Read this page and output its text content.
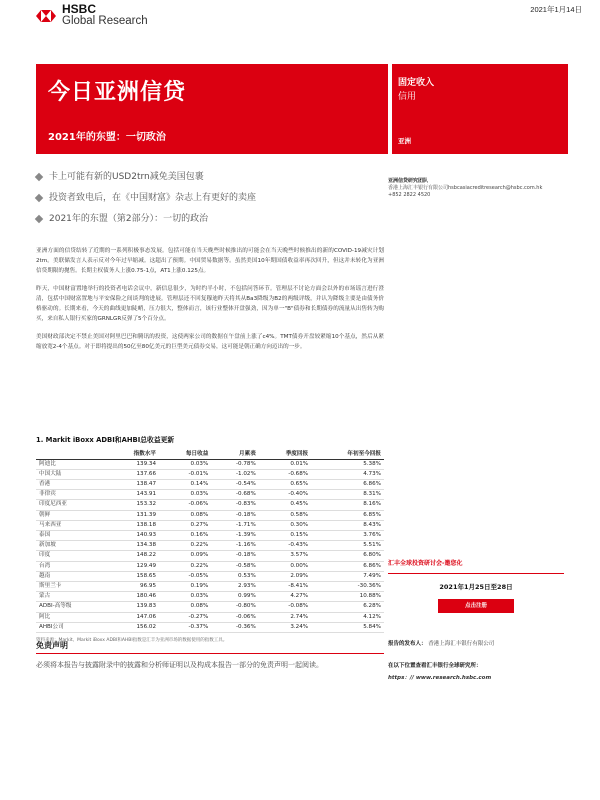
HSBC
Global Research
2021年1月14日
今日亚洲信贷
2021年的东盟：一切政治
固定收入
信用
亚洲
卡上可能有新的USD2trn减免美国包裹
投资者致电后，在《中国财富》杂志上有更好的卖座
2021年的东盟（第2部分）：一切的政治
亚洲信贷研究团队
香港上海汇丰银行有限公司hsbcasiacreditresearch@hsbc.com.hk
+852 2822 4520

亚洲方面的信贷结转了近期的一系列积极事态发展。包括可能在当天晚些时候推出的可能会在当天晚些时候推出的新的COVID-19减灾计划2tm。美联储发言人表示反对今年过早缩减。这超出了预期。中国贸易数据等。虽然美国10年期国债收益率再次回升，但这并未转化为亚洲信贷期限的拋售。长期主权债务人上涨0.75-1点，AT1上涨0.125点。

昨天，中国财富置地举行的投资者电话会议中，新信息很少，为时约半小时，不包括问答环节。管理层不讨论方面会以外的市场谣言进行澄清，包括中国财富置地与平安保险之间谈判的进展。管理层还不回复穆迪昨天将其从Ba3降级为B2的两级评级，并认为降级主要是由债务价格驱动的。长期来看，今天的曲线更加陡峭，压力很大，整体而言，该行业整体开盘强劲，因为单一"B"债券和长期债券的流量从出售转为购买，来自私人银行买家的GRNLGR反弹了5个百分点。

美国财政部决定不禁止美国对阿里巴巴和腾讯的投资，这使两家公司的数据在午盘前上涨了c4%。TMT债券开盘较紧缩10个基点，然后从紧缩放宽2-4个基点。对于即将提出的50亿至80亿美元的巨型美元债券交易，这可能是朝正确方向迈出的一步。

1. Markit iBoxx ADBI和AHBI总收益更新
	指数水平	每日收益	月累表	季度回报	年初至今回报
阿迪比	139.34	0.03%	-0.78%	0.01%	5.38%
中国大陆	137.66	-0.01%	-1.02%	-0.68%	4.73%
香港	138.47	0.14%	-0.54%	0.65%	6.86%
非律宾	143.91	0.03%	-0.68%	-0.40%	8.31%
印度尼西亚	153.32	-0.06%	-0.83%	0.45%	8.16%
朝鲜	131.39	0.08%	-0.18%	0.58%	6.85%
马来西亚	138.18	0.27%	-1.71%	0.30%	8.43%
泰国	140.93	0.16%	-1.39%	0.15%	3.76%
新加坡	134.38	0.22%	-1.16%	-0.43%	5.51%
印度	148.22	0.09%	-0.18%	3.57%	6.80%
台湾	129.49	0.22%	-0.58%	0.00%	6.86%
越南	158.65	-0.05%	0.53%	2.09%	7.49%
斯里兰卡	96.95	0.19%	2.93%	-8.41%	-30.36%
蒙古	180.46	0.03%	0.99%	4.27%	10.88%
ADBI-高等级	139.83	0.08%	-0.80%	-0.08%	6.28%
阿比	147.06	-0.27%	-0.06%	2.74%	4.12%
AHBI公司	156.02	-0.37%	-0.36%	3.24%	5.84%
资料来源：Markit、Markit iBoxx ADBI和AHBI指数是汇丰为亚洲市场的数据使用的指数工具。
汇丰全球投资研讨会-邀您化
2021年1月25日至28日
点击注册
免责声明
必须将本报告与披露附录中的披露和分析师证明以及构成本报告一部分的免责声明一起阅读。
报告的发布人： 香港上海汇丰银行有限公司
在以下位置查看汇丰银行全球研究所：
https：// www.research.hsbc.com
